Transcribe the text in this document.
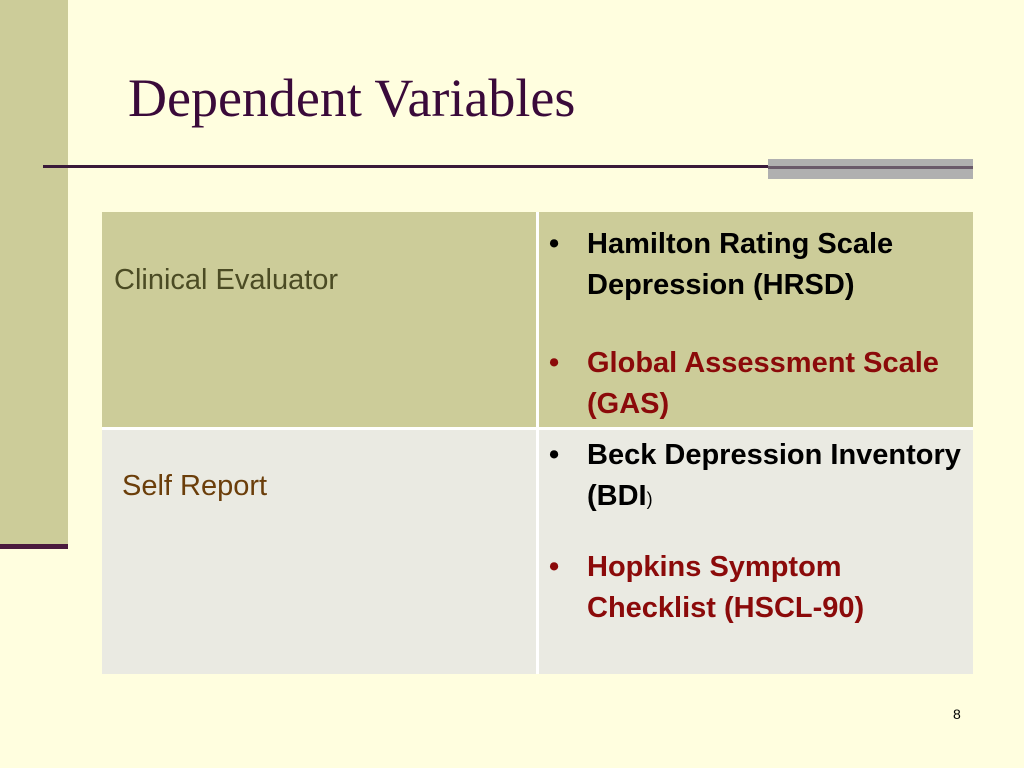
Dependent Variables
Clinical Evaluator
• Hamilton Rating Scale Depression (HRSD)
• Global Assessment Scale (GAS)
Self Report
• Beck Depression Inventory (BDI)
• Hopkins Symptom Checklist (HSCL-90)
8
